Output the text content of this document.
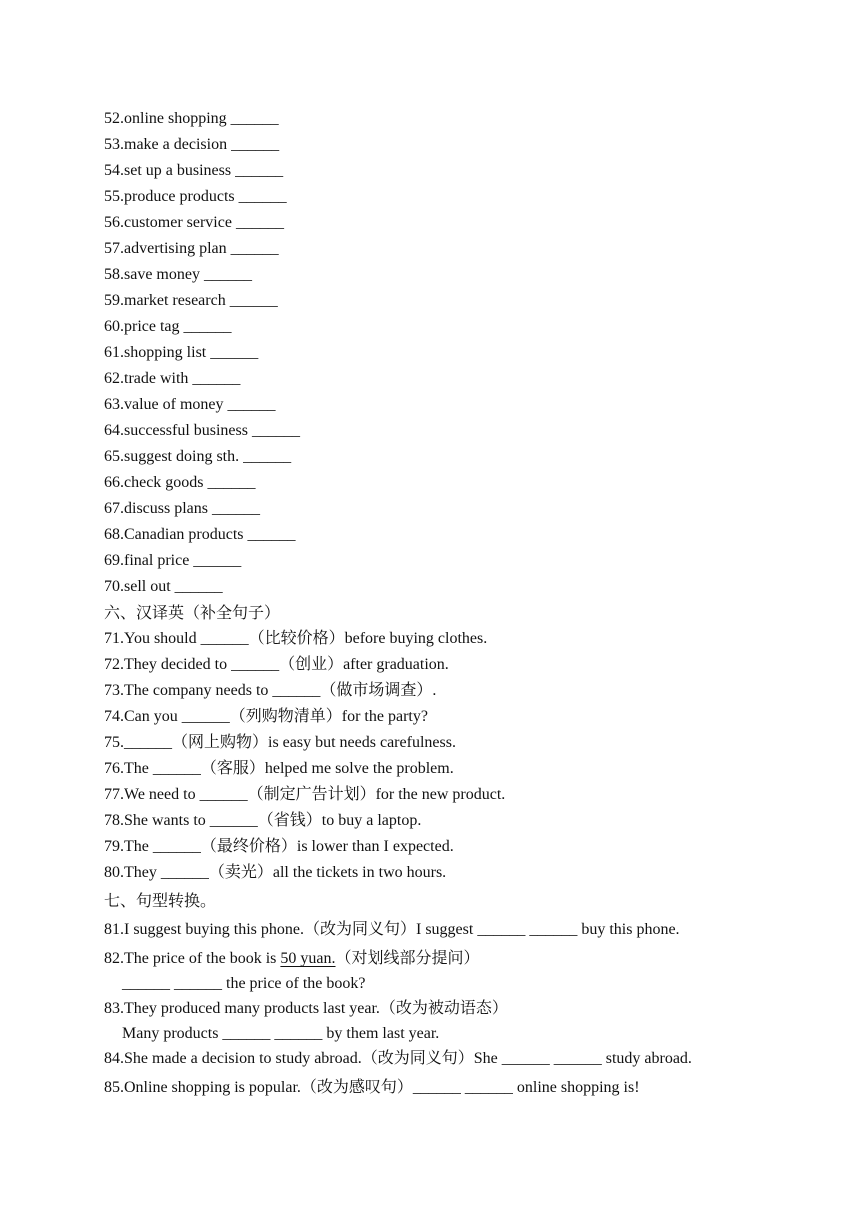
52.online shopping ______
53.make a decision ______
54.set up a business ______
55.produce products ______
56.customer service ______
57.advertising plan ______
58.save money ______
59.market research ______
60.price tag ______
61.shopping list ______
62.trade with ______
63.value of money ______
64.successful business ______
65.suggest doing sth. ______
66.check goods ______
67.discuss plans ______
68.Canadian products ______
69.final price ______
70.sell out ______
六、汉译英（补全句子）
71.You should ______（比较价格）before buying clothes.
72.They decided to ______（创业）after graduation.
73.The company needs to ______（做市场调查）.
74.Can you ______（列购物清单）for the party?
75.______（网上购物）is easy but needs carefulness.
76.The ______（客服）helped me solve the problem.
77.We need to ______（制定广告计划）for the new product.
78.She wants to ______（省钱）to buy a laptop.
79.The ______（最终价格）is lower than I expected.
80.They ______（卖光）all the tickets in two hours.
七、句型转换。
81.I suggest buying this phone.（改为同义句）I suggest ______ ______ buy this phone.
82.The price of the book is 50 yuan.（对划线部分提问）
______ ______ the price of the book?
83.They produced many products last year.（改为被动语态）
Many products ______ ______ by them last year.
84.She made a decision to study abroad.（改为同义句）She ______ ______ study abroad.
85.Online shopping is popular.（改为感叹句）______ ______ online shopping is!
